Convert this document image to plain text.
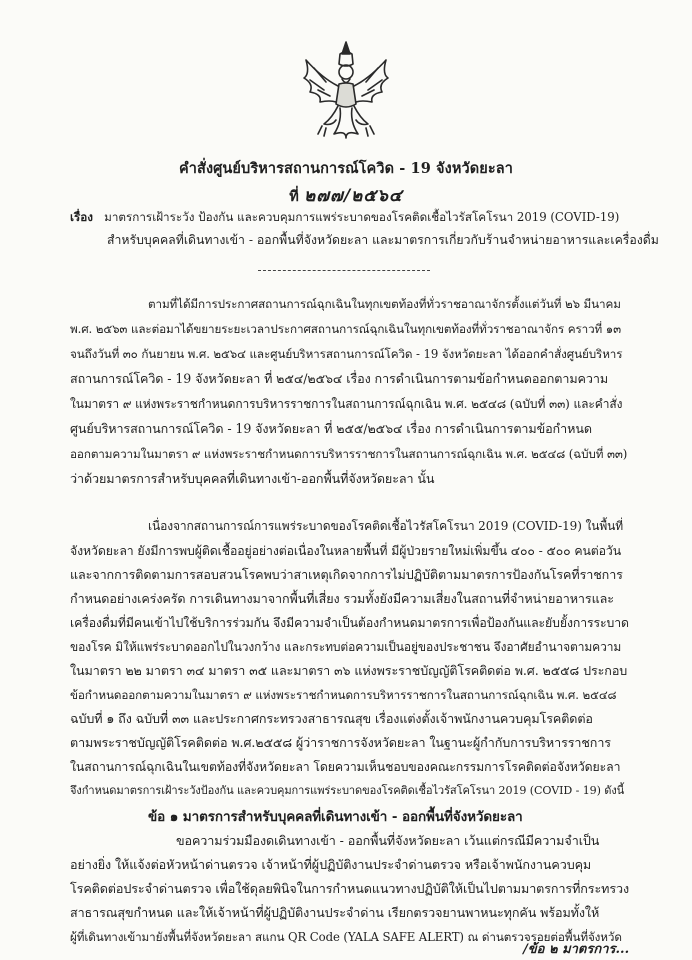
คำสั่งศูนย์บริหารสถานการณ์โควิด - 19 จังหวัดยะลา
ที่ ๒๗๗/๒๕๖๔
เรื่อง มาตรการเฝ้าระวัง ป้องกัน และควบคุมการแพร่ระบาดของโรคติดเชื้อไวรัสโคโรนา 2019 (COVID-19)
สำหรับบุคคลที่เดินทางเข้า - ออกพื้นที่จังหวัดยะลา และมาตรการเกี่ยวกับร้านจำหน่ายอาหารและเครื่องดื่ม
ตามที่ได้มีการประกาศสถานการณ์ฉุกเฉินในทุกเขตท้องที่ทั่วราชอาณาจักรตั้งแต่วันที่ ๒๖ มีนาคม
พ.ศ. ๒๕๖๓ และต่อมาได้ขยายระยะเวลาประกาศสถานการณ์ฉุกเฉินในทุกเขตท้องที่ทั่วราชอาณาจักร คราวที่ ๑๓
จนถึงวันที่ ๓๐ กันยายน พ.ศ. ๒๕๖๔ และศูนย์บริหารสถานการณ์โควิด - 19 จังหวัดยะลา ได้ออกคำสั่งศูนย์บริหาร
สถานการณ์โควิด - 19 จังหวัดยะลา ที่ ๒๕๔/๒๕๖๔ เรื่อง การดำเนินการตามข้อกำหนดออกตามความ
ในมาตรา ๙ แห่งพระราชกำหนดการบริหารราชการในสถานการณ์ฉุกเฉิน พ.ศ. ๒๕๔๘ (ฉบับที่ ๓๓) และคำสั่ง
ศูนย์บริหารสถานการณ์โควิด - 19 จังหวัดยะลา ที่ ๒๕๕/๒๕๖๔ เรื่อง การดำเนินการตามข้อกำหนด
ออกตามความในมาตรา ๙ แห่งพระราชกำหนดการบริหารราชการในสถานการณ์ฉุกเฉิน พ.ศ. ๒๕๔๘ (ฉบับที่ ๓๓)
ว่าด้วยมาตรการสำหรับบุคคลที่เดินทางเข้า-ออกพื้นที่จังหวัดยะลา นั้น
เนื่องจากสถานการณ์การแพร่ระบาดของโรคติดเชื้อไวรัสโคโรนา 2019 (COVID-19) ในพื้นที่
จังหวัดยะลา ยังมีการพบผู้ติดเชื้ออยู่อย่างต่อเนื่องในหลายพื้นที่ มีผู้ป่วยรายใหม่เพิ่มขึ้น ๔๐๐ - ๕๐๐ คนต่อวัน
และจากการติดตามการสอบสวนโรคพบว่าสาเหตุเกิดจากการไม่ปฏิบัติตามมาตรการป้องกันโรคที่ราชการ
กำหนดอย่างเคร่งครัด การเดินทางมาจากพื้นที่เสี่ยง รวมทั้งยังมีความเสี่ยงในสถานที่จำหน่ายอาหารและ
เครื่องดื่มที่มีคนเข้าไปใช้บริการร่วมกัน จึงมีความจำเป็นต้องกำหนดมาตรการเพื่อป้องกันและยับยั้งการระบาด
ของโรค มิให้แพร่ระบาดออกไปในวงกว้าง และกระทบต่อความเป็นอยู่ของประชาชน จึงอาศัยอำนาจตามความ
ในมาตรา ๒๒ มาตรา ๓๔ มาตรา ๓๕ และมาตรา ๓๖ แห่งพระราชบัญญัติโรคติดต่อ พ.ศ. ๒๕๕๘ ประกอบ
ข้อกำหนดออกตามความในมาตรา ๙ แห่งพระราชกำหนดการบริหารราชการในสถานการณ์ฉุกเฉิน พ.ศ. ๒๕๔๘
ฉบับที่ ๑ ถึง ฉบับที่ ๓๓ และประกาศกระทรวงสาธารณสุข เรื่องแต่งตั้งเจ้าพนักงานควบคุมโรคติดต่อ
ตามพระราชบัญญัติโรคติดต่อ พ.ศ.๒๕๕๘ ผู้ว่าราชการจังหวัดยะลา ในฐานะผู้กำกับการบริหารราชการ
ในสถานการณ์ฉุกเฉินในเขตท้องที่จังหวัดยะลา โดยความเห็นชอบของคณะกรรมการโรคติดต่อจังหวัดยะลา
จึงกำหนดมาตรการเฝ้าระวังป้องกัน และควบคุมการแพร่ระบาดของโรคติดเชื้อไวรัสโคโรนา 2019 (COVID - 19) ดังนี้
ข้อ ๑ มาตรการสำหรับบุคคลที่เดินทางเข้า - ออกพื้นที่จังหวัดยะลา
ขอความร่วมมืองดเดินทางเข้า - ออกพื้นที่จังหวัดยะลา เว้นแต่กรณีมีความจำเป็น
อย่างยิ่ง ให้แจ้งต่อหัวหน้าด่านตรวจ เจ้าหน้าที่ผู้ปฏิบัติงานประจำด่านตรวจ หรือเจ้าพนักงานควบคุม
โรคติดต่อประจำด่านตรวจ เพื่อใช้ดุลยพินิจในการกำหนดแนวทางปฏิบัติให้เป็นไปตามมาตรการที่กระทรวง
สาธารณสุขกำหนด และให้เจ้าหน้าที่ผู้ปฏิบัติงานประจำด่าน เรียกตรวจยานพาหนะทุกคัน พร้อมทั้งให้
ผู้ที่เดินทางเข้ามายังพื้นที่จังหวัดยะลา สแกน QR Code (YALA SAFE ALERT) ณ ด่านตรวจรอยต่อพื้นที่จังหวัด
/ข้อ ๒ มาตรการ...
